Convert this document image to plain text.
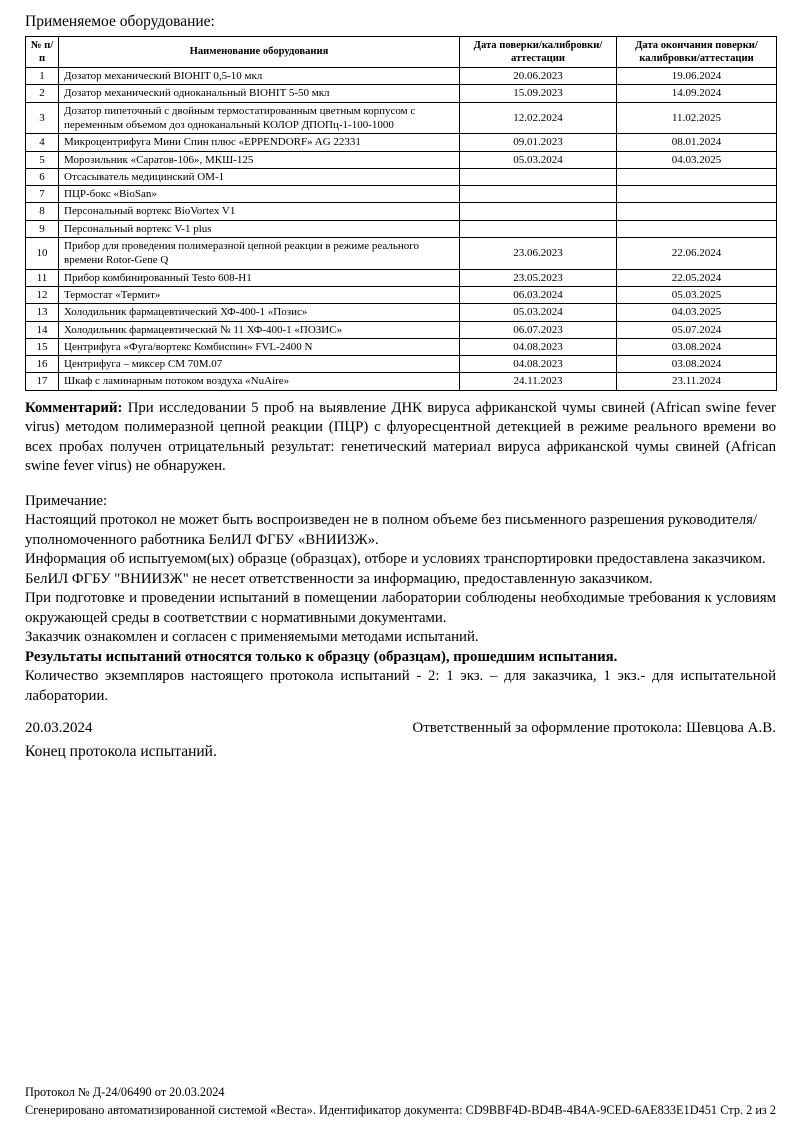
Применяемое оборудование:
№ п/п	Наименование оборудования	Дата поверки/калибровки/аттестации	Дата окончания поверки/калибровки/аттестации
1	Дозатор механический BIOHIT 0,5-10 мкл	20.06.2023	19.06.2024
2	Дозатор механический одноканальный BIOHIT 5-50 мкл	15.09.2023	14.09.2024
3	Дозатор пипеточный с двойным термостатированным цветным корпусом с переменным объемом доз одноканальный КОЛОР ДПОПц-1-100-1000	12.02.2024	11.02.2025
4	Микроцентрифуга Мини Спин плюс «EPPENDORF» AG 22331	09.01.2023	08.01.2024
5	Морозильник «Саратов-106», МКШ-125	05.03.2024	04.03.2025
6	Отсасыватель медицинский ОМ-1		
7	ПЦР-бокс «BioSan»		
8	Персональный вортекс BioVortex V1		
9	Персональный вортекс V-1 plus		
10	Прибор для проведения полимеразной цепной реакции в режиме реального времени Rotor-Gene Q	23.06.2023	22.06.2024
11	Прибор комбинированный Testo 608-H1	23.05.2023	22.05.2024
12	Термостат «Термит»	06.03.2024	05.03.2025
13	Холодильник фармацевтический ХФ-400-1 «Позис»	05.03.2024	04.03.2025
14	Холодильник фармацевтический № 11 ХФ-400-1 «ПОЗИС»	06.07.2023	05.07.2024
15	Центрифуга «Фуга/вортекс Комбиспин» FVL-2400 N	04.08.2023	03.08.2024
16	Центрифуга – миксер СМ 70М.07	04.08.2023	03.08.2024
17	Шкаф с ламинарным потоком воздуха «NuAire»	24.11.2023	23.11.2024

Комментарий: При исследовании 5 проб на выявление ДНК вируса африканской чумы свиней (African swine fever virus) методом полимеразной цепной реакции (ПЦР) с флуоресцентной детекцией в режиме реального времени во всех пробах получен отрицательный результат: генетический материал вируса африканской чумы свиней (African swine fever virus) не обнаружен.

Примечание:
Настоящий протокол не может быть воспроизведен не в полном объеме без письменного разрешения руководителя/уполномоченного работника БелИЛ ФГБУ «ВНИИЗЖ».
Информация об испытуемом(ых) образце (образцах), отборе и условиях транспортировки предоставлена заказчиком.
БелИЛ ФГБУ "ВНИИЗЖ" не несет ответственности за информацию, предоставленную заказчиком.
При подготовке и проведении испытаний в помещении лаборатории соблюдены необходимые требования к условиям окружающей среды в соответствии с нормативными документами.
Заказчик ознакомлен и согласен с применяемыми методами испытаний.
Результаты испытаний относятся только к образцу (образцам), прошедшим испытания.
Количество экземпляров настоящего протокола испытаний - 2: 1 экз. – для заказчика, 1 экз.- для испытательной лаборатории.
20.03.2024	Ответственный за оформление протокола: Шевцова А.В.
Конец протокола испытаний.
Протокол № Д-24/06490 от 20.03.2024
Сгенерировано автоматизированной системой «Веста». Идентификатор документа: CD9BBF4D-BD4B-4B4A-9CED-6AE833E1D451 Стр. 2 из 2
